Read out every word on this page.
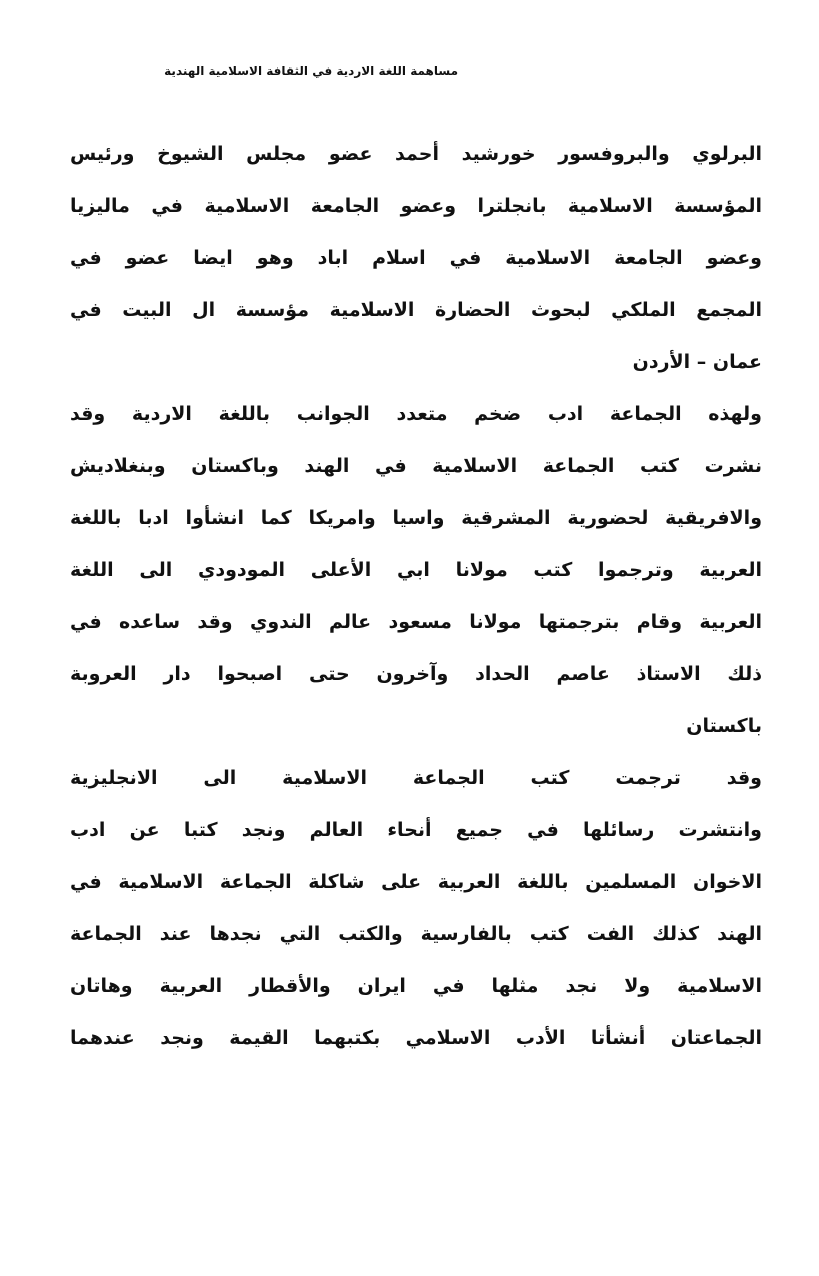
مساهمة اللغة الاردية في الثقافة الاسلامية الهندية
البرلوي والبروفسور خورشيد أحمد عضو مجلس الشيوخ ورئيس
المؤسسة الاسلامية بانجلترا وعضو الجامعة الاسلامية في ماليزيا
وعضو الجامعة الاسلامية في اسلام اباد وهو ايضا عضو في
المجمع الملكي لبحوث الحضارة الاسلامية مؤسسة ال البيت في
عمان – الأردن
ولهذه الجماعة ادب ضخم متعدد الجوانب باللغة الاردية وقد
نشرت كتب الجماعة الاسلامية في الهند وباكستان وبنغلاديش
والافريقية لحضورية المشرقية واسيا وامريكا كما انشأوا ادبا باللغة
العربية وترجموا كتب مولانا ابي الأعلى المودودي الى اللغة
العربية وقام بترجمتها مولانا مسعود عالم الندوي وقد ساعده في
ذلك الاستاذ عاصم الحداد وآخرون حتى اصبحوا دار العروبة
باكستان
وقد ترجمت كتب الجماعة الاسلامية الى الانجليزية
وانتشرت رسائلها في جميع أنحاء العالم ونجد كتبا عن ادب
الاخوان المسلمين باللغة العربية على شاكلة الجماعة الاسلامية في
الهند كذلك الفت كتب بالفارسية والكتب التي نجدها عند الجماعة
الاسلامية ولا نجد مثلها في ايران والأقطار العربية وهاتان
الجماعتان أنشأتا الأدب الاسلامي بكتبهما القيمة ونجد عندهما
